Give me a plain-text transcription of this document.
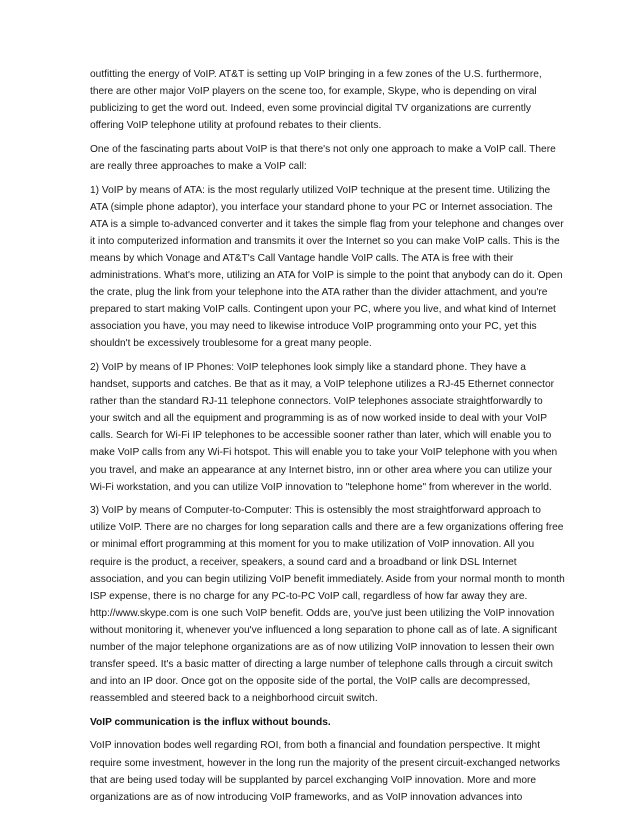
outfitting the energy of VoIP. AT&T is setting up VoIP bringing in a few zones of the U.S. furthermore, there are other major VoIP players on the scene too, for example, Skype, who is depending on viral publicizing to get the word out. Indeed, even some provincial digital TV organizations are currently offering VoIP telephone utility at profound rebates to their clients.

One of the fascinating parts about VoIP is that there's not only one approach to make a VoIP call. There are really three approaches to make a VoIP call:

1) VoIP by means of ATA: is the most regularly utilized VoIP technique at the present time. Utilizing the ATA (simple phone adaptor), you interface your standard phone to your PC or Internet association. The ATA is a simple to-advanced converter and it takes the simple flag from your telephone and changes over it into computerized information and transmits it over the Internet so you can make VoIP calls. This is the means by which Vonage and AT&T's Call Vantage handle VoIP calls. The ATA is free with their administrations. What's more, utilizing an ATA for VoIP is simple to the point that anybody can do it. Open the crate, plug the link from your telephone into the ATA rather than the divider attachment, and you're prepared to start making VoIP calls. Contingent upon your PC, where you live, and what kind of Internet association you have, you may need to likewise introduce VoIP programming onto your PC, yet this shouldn't be excessively troublesome for a great many people.

2) VoIP by means of IP Phones: VoIP telephones look simply like a standard phone. They have a handset, supports and catches. Be that as it may, a VoIP telephone utilizes a RJ-45 Ethernet connector rather than the standard RJ-11 telephone connectors. VoIP telephones associate straightforwardly to your switch and all the equipment and programming is as of now worked inside to deal with your VoIP calls. Search for Wi-Fi IP telephones to be accessible sooner rather than later, which will enable you to make VoIP calls from any Wi-Fi hotspot. This will enable you to take your VoIP telephone with you when you travel, and make an appearance at any Internet bistro, inn or other area where you can utilize your Wi-Fi workstation, and you can utilize VoIP innovation to "telephone home" from wherever in the world.

3) VoIP by means of Computer-to-Computer: This is ostensibly the most straightforward approach to utilize VoIP. There are no charges for long separation calls and there are a few organizations offering free or minimal effort programming at this moment for you to make utilization of VoIP innovation. All you require is the product, a receiver, speakers, a sound card and a broadband or link DSL Internet association, and you can begin utilizing VoIP benefit immediately. Aside from your normal month to month ISP expense, there is no charge for any PC-to-PC VoIP call, regardless of how far away they are. http://www.skype.com is one such VoIP benefit. Odds are, you've just been utilizing the VoIP innovation without monitoring it, whenever you've influenced a long separation to phone call as of late. A significant number of the major telephone organizations are as of now utilizing VoIP innovation to lessen their own transfer speed. It's a basic matter of directing a large number of telephone calls through a circuit switch and into an IP door. Once got on the opposite side of the portal, the VoIP calls are decompressed, reassembled and steered back to a neighborhood circuit switch.

VoIP communication is the influx without bounds.

VoIP innovation bodes well regarding ROI, from both a financial and foundation perspective. It might require some investment, however in the long run the majority of the present circuit-exchanged networks that are being used today will be supplanted by parcel exchanging VoIP innovation. More and more organizations are as of now introducing VoIP frameworks, and as VoIP innovation advances into
